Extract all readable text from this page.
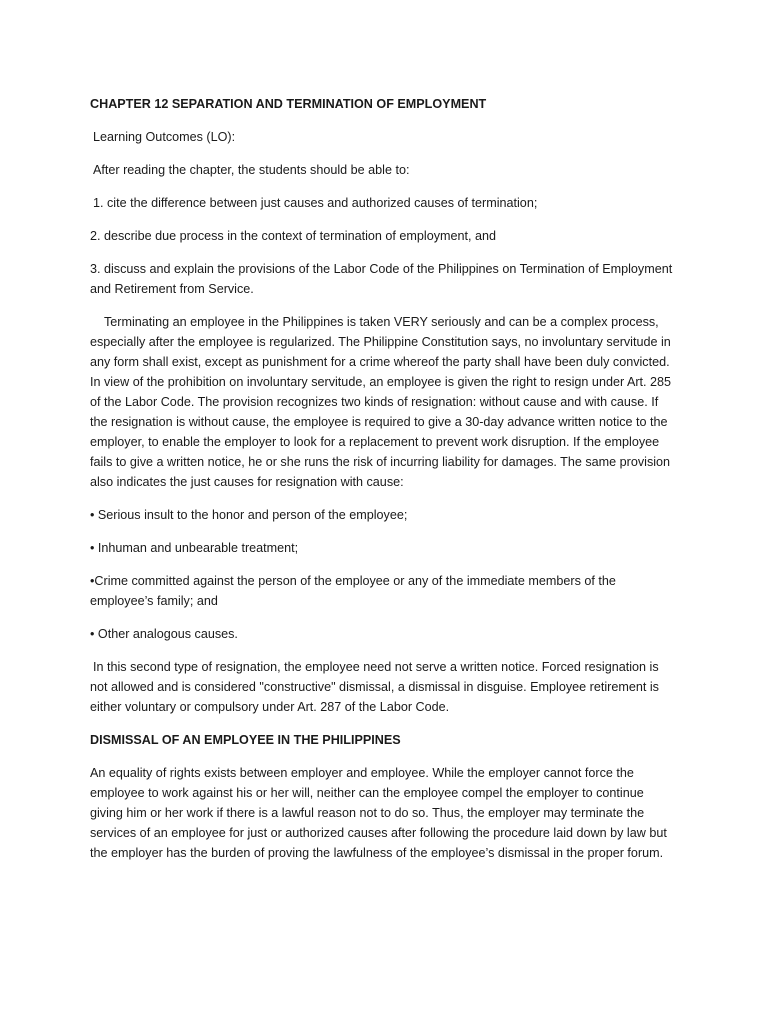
CHAPTER 12 SEPARATION AND TERMINATION OF EMPLOYMENT

Learning Outcomes (LO):

After reading the chapter, the students should be able to:

1. cite the difference between just causes and authorized causes of termination;

2. describe due process in the context of termination of employment, and

3. discuss and explain the provisions of the Labor Code of the Philippines on Termination of Employment and Retirement from Service.

Terminating an employee in the Philippines is taken VERY seriously and can be a complex process, especially after the employee is regularized. The Philippine Constitution says, no involuntary servitude in any form shall exist, except as punishment for a crime whereof the party shall have been duly convicted. In view of the prohibition on involuntary servitude, an employee is given the right to resign under Art. 285 of the Labor Code. The provision recognizes two kinds of resignation: without cause and with cause. If the resignation is without cause, the employee is required to give a 30-day advance written notice to the employer, to enable the employer to look for a replacement to prevent work disruption. If the employee fails to give a written notice, he or she runs the risk of incurring liability for damages. The same provision also indicates the just causes for resignation with cause:

• Serious insult to the honor and person of the employee;

• Inhuman and unbearable treatment;

•Crime committed against the person of the employee or any of the immediate members of the employee’s family; and

• Other analogous causes.

In this second type of resignation, the employee need not serve a written notice. Forced resignation is not allowed and is considered "constructive" dismissal, a dismissal in disguise. Employee retirement is either voluntary or compulsory under Art. 287 of the Labor Code.

DISMISSAL OF AN EMPLOYEE IN THE PHILIPPINES

An equality of rights exists between employer and employee. While the employer cannot force the employee to work against his or her will, neither can the employee compel the employer to continue giving him or her work if there is a lawful reason not to do so. Thus, the employer may terminate the services of an employee for just or authorized causes after following the procedure laid down by law but the employer has the burden of proving the lawfulness of the employee’s dismissal in the proper forum.
